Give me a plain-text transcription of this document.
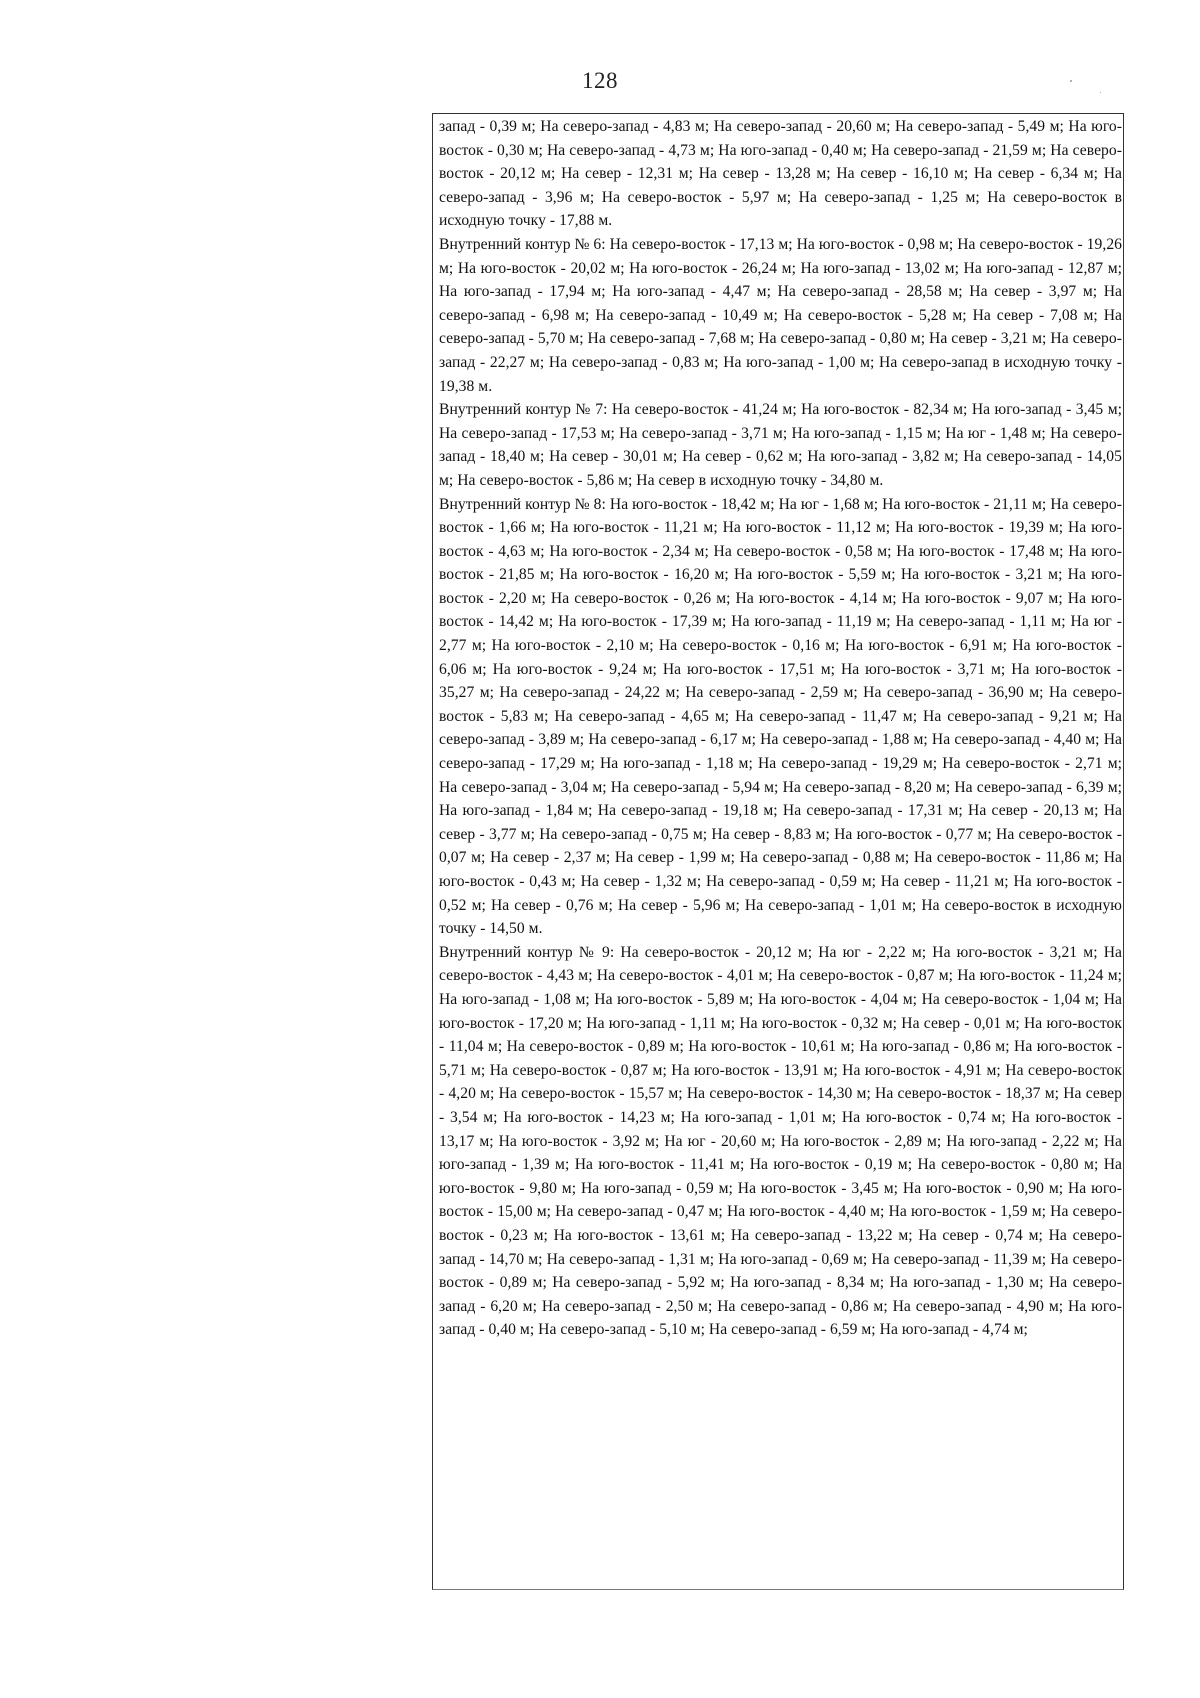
128

запад - 0,39 м; На северо-запад - 4,83 м; На северо-запад - 20,60 м; На северо-запад - 5,49 м; На юго-восток - 0,30 м; На северо-запад - 4,73 м; На юго-запад - 0,40 м; На северо-запад - 21,59 м; На северо-восток - 20,12 м; На север - 12,31 м; На север - 13,28 м; На север - 16,10 м; На север - 6,34 м; На северо-запад - 3,96 м; На северо-восток - 5,97 м; На северо-запад - 1,25 м; На северо-восток в исходную точку - 17,88 м.

Внутренний контур № 6: На северо-восток - 17,13 м; На юго-восток - 0,98 м; На северо-восток - 19,26 м; На юго-восток - 20,02 м; На юго-восток - 26,24 м; На юго-запад - 13,02 м; На юго-запад - 12,87 м; На юго-запад - 17,94 м; На юго-запад - 4,47 м; На северо-запад - 28,58 м; На север - 3,97 м; На северо-запад - 6,98 м; На северо-запад - 10,49 м; На северо-восток - 5,28 м; На север - 7,08 м; На северо-запад - 5,70 м; На северо-запад - 7,68 м; На северо-запад - 0,80 м; На север - 3,21 м; На северо-запад - 22,27 м; На северо-запад - 0,83 м; На юго-запад - 1,00 м; На северо-запад в исходную точку - 19,38 м.

Внутренний контур № 7: На северо-восток - 41,24 м; На юго-восток - 82,34 м; На юго-запад - 3,45 м; На северо-запад - 17,53 м; На северо-запад - 3,71 м; На юго-запад - 1,15 м; На юг - 1,48 м; На северо-запад - 18,40 м; На север - 30,01 м; На север - 0,62 м; На юго-запад - 3,82 м; На северо-запад - 14,05 м; На северо-восток - 5,86 м; На север в исходную точку - 34,80 м.

Внутренний контур № 8: На юго-восток - 18,42 м; На юг - 1,68 м; На юго-восток - 21,11 м; На северо-восток - 1,66 м; На юго-восток - 11,21 м; На юго-восток - 11,12 м; На юго-восток - 19,39 м; На юго-восток - 4,63 м; На юго-восток - 2,34 м; На северо-восток - 0,58 м; На юго-восток - 17,48 м; На юго-восток - 21,85 м; На юго-восток - 16,20 м; На юго-восток - 5,59 м; На юго-восток - 3,21 м; На юго-восток - 2,20 м; На северо-восток - 0,26 м; На юго-восток - 4,14 м; На юго-восток - 9,07 м; На юго-восток - 14,42 м; На юго-восток - 17,39 м; На юго-запад - 11,19 м; На северо-запад - 1,11 м; На юг - 2,77 м; На юго-восток - 2,10 м; На северо-восток - 0,16 м; На юго-восток - 6,91 м; На юго-восток - 6,06 м; На юго-восток - 9,24 м; На юго-восток - 17,51 м; На юго-восток - 3,71 м; На юго-восток - 35,27 м; На северо-запад - 24,22 м; На северо-запад - 2,59 м; На северо-запад - 36,90 м; На северо-восток - 5,83 м; На северо-запад - 4,65 м; На северо-запад - 11,47 м; На северо-запад - 9,21 м; На северо-запад - 3,89 м; На северо-запад - 6,17 м; На северо-запад - 1,88 м; На северо-запад - 4,40 м; На северо-запад - 17,29 м; На юго-запад - 1,18 м; На северо-запад - 19,29 м; На северо-восток - 2,71 м; На северо-запад - 3,04 м; На северо-запад - 5,94 м; На северо-запад - 8,20 м; На северо-запад - 6,39 м; На юго-запад - 1,84 м; На северо-запад - 19,18 м; На северо-запад - 17,31 м; На север - 20,13 м; На север - 3,77 м; На северо-запад - 0,75 м; На север - 8,83 м; На юго-восток - 0,77 м; На северо-восток - 0,07 м; На север - 2,37 м; На север - 1,99 м; На северо-запад - 0,88 м; На северо-восток - 11,86 м; На юго-восток - 0,43 м; На север - 1,32 м; На северо-запад - 0,59 м; На север - 11,21 м; На юго-восток - 0,52 м; На север - 0,76 м; На север - 5,96 м; На северо-запад - 1,01 м; На северо-восток в исходную точку - 14,50 м.

Внутренний контур № 9: На северо-восток - 20,12 м; На юг - 2,22 м; На юго-восток - 3,21 м; На северо-восток - 4,43 м; На северо-восток - 4,01 м; На северо-восток - 0,87 м; На юго-восток - 11,24 м; На юго-запад - 1,08 м; На юго-восток - 5,89 м; На юго-восток - 4,04 м; На северо-восток - 1,04 м; На юго-восток - 17,20 м; На юго-запад - 1,11 м; На юго-восток - 0,32 м; На север - 0,01 м; На юго-восток - 11,04 м; На северо-восток - 0,89 м; На юго-восток - 10,61 м; На юго-запад - 0,86 м; На юго-восток - 5,71 м; На северо-восток - 0,87 м; На юго-восток - 13,91 м; На юго-восток - 4,91 м; На северо-восток - 4,20 м; На северо-восток - 15,57 м; На северо-восток - 14,30 м; На северо-восток - 18,37 м; На север - 3,54 м; На юго-восток - 14,23 м; На юго-запад - 1,01 м; На юго-восток - 0,74 м; На юго-восток - 13,17 м; На юго-восток - 3,92 м; На юг - 20,60 м; На юго-восток - 2,89 м; На юго-запад - 2,22 м; На юго-запад - 1,39 м; На юго-восток - 11,41 м; На юго-восток - 0,19 м; На северо-восток - 0,80 м; На юго-восток - 9,80 м; На юго-запад - 0,59 м; На юго-восток - 3,45 м; На юго-восток - 0,90 м; На юго-восток - 15,00 м; На северо-запад - 0,47 м; На юго-восток - 4,40 м; На юго-восток - 1,59 м; На северо-восток - 0,23 м; На юго-восток - 13,61 м; На северо-запад - 13,22 м; На север - 0,74 м; На северо-запад - 14,70 м; На северо-запад - 1,31 м; На юго-запад - 0,69 м; На северо-запад - 11,39 м; На северо-восток - 0,89 м; На северо-запад - 5,92 м; На юго-запад - 8,34 м; На юго-запад - 1,30 м; На северо-запад - 6,20 м; На северо-запад - 2,50 м; На северо-запад - 0,86 м; На северо-запад - 4,90 м; На юго-запад - 0,40 м; На северо-запад - 5,10 м; На северо-запад - 6,59 м; На юго-запад - 4,74 м;
